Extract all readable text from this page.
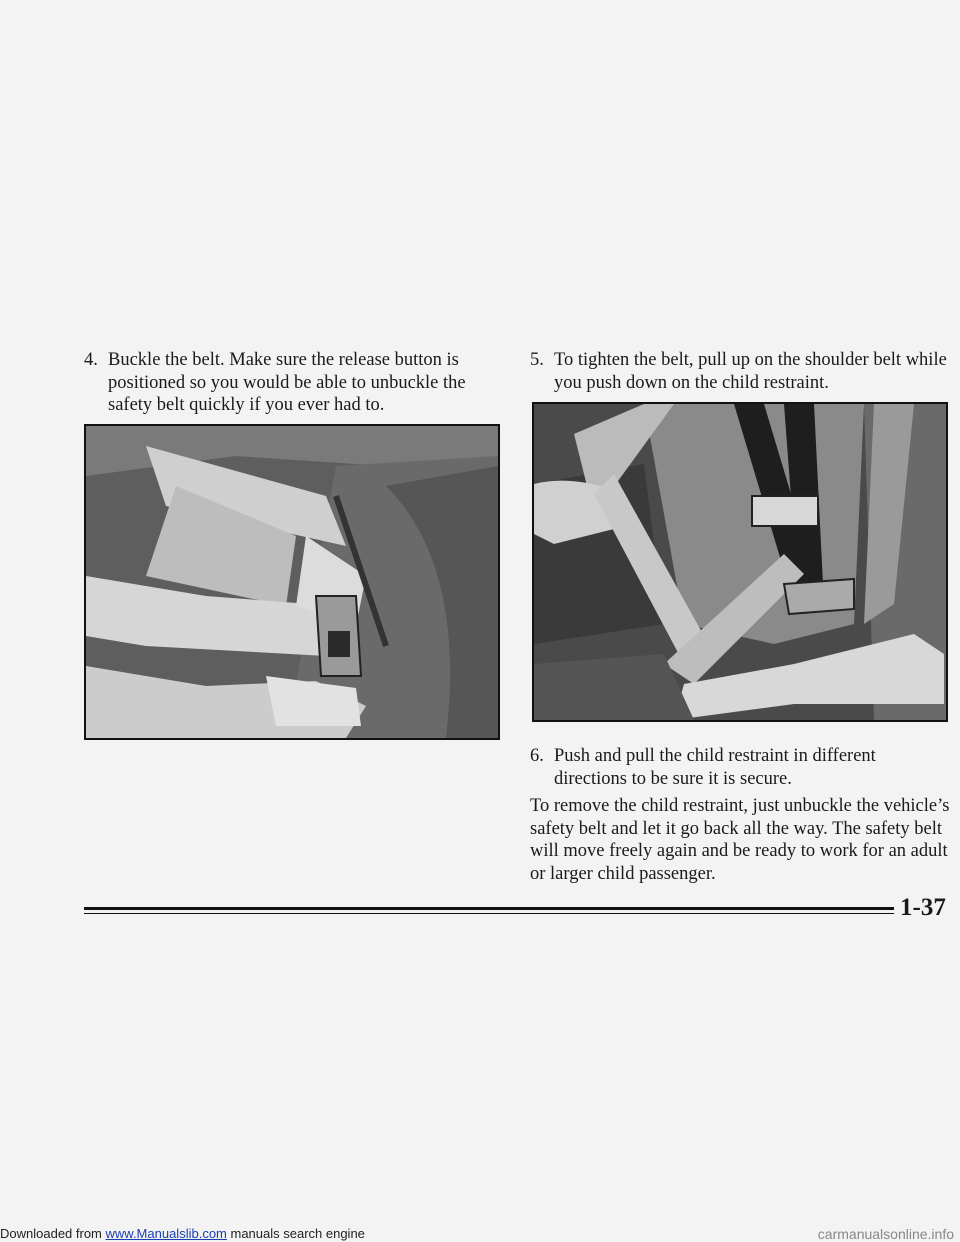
4. Buckle the belt. Make sure the release button is positioned so you would be able to unbuckle the safety belt quickly if you ever had to.
5. To tighten the belt, pull up on the shoulder belt while you push down on the child restraint.
6. Push and pull the child restraint in different directions to be sure it is secure.
To remove the child restraint, just unbuckle the vehicle’s safety belt and let it go back all the way. The safety belt will move freely again and be ready to work for an adult or larger child passenger.
1-37
Downloaded from www.Manualslib.com manuals search engine	carmanualsonline.info
